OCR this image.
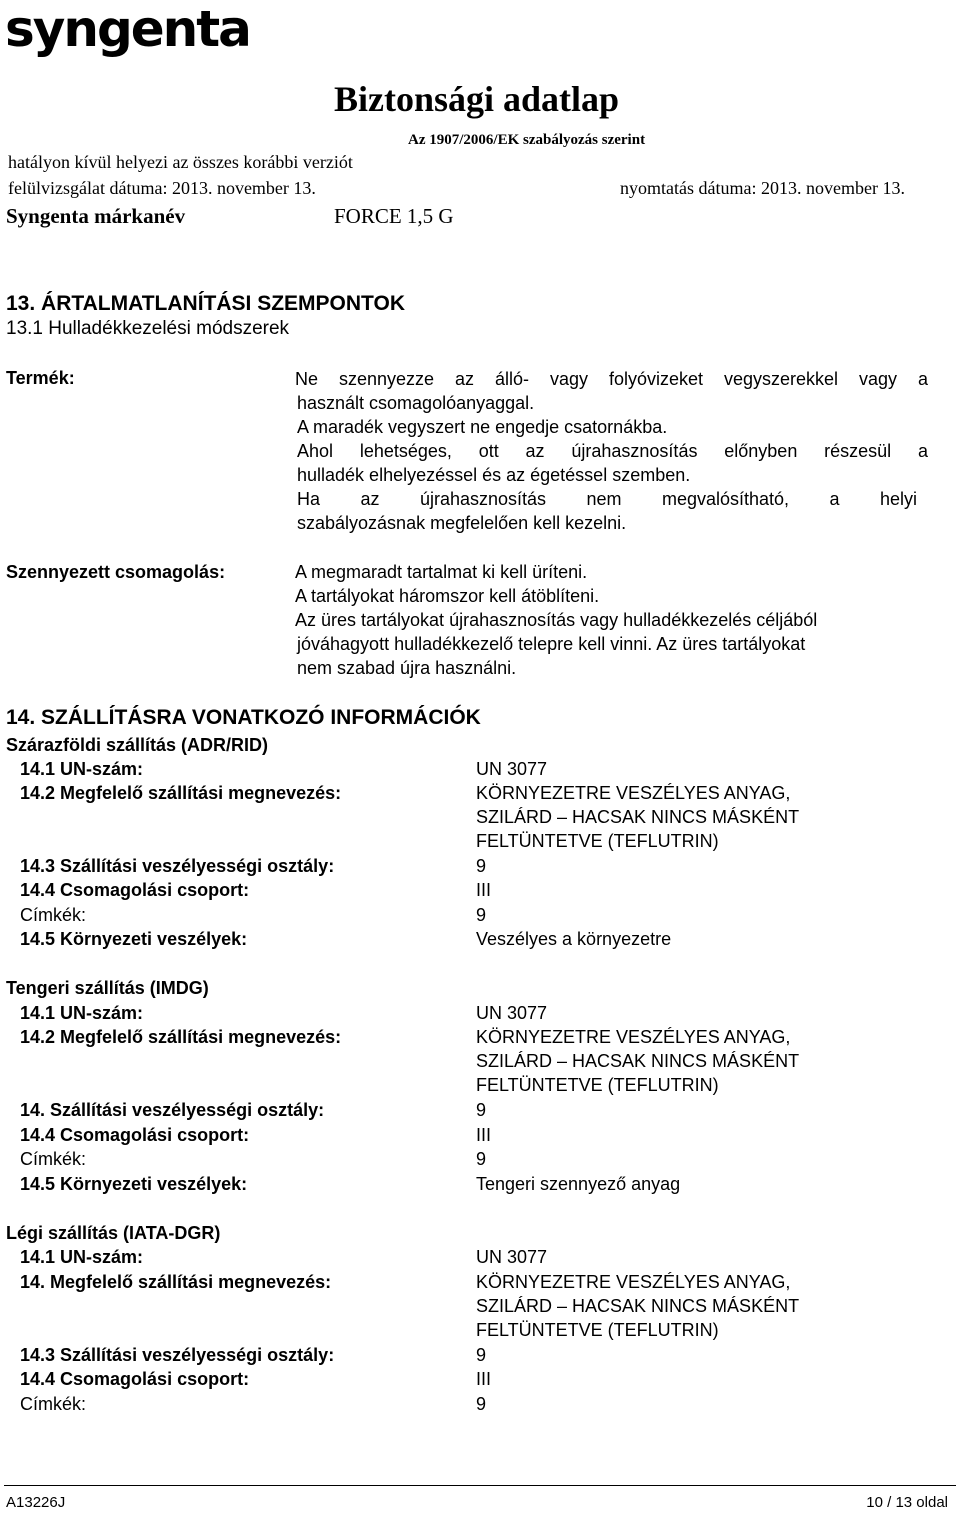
syngenta
Biztonsági adatlap
Az 1907/2006/EK szabályozás szerint
hatályon kívül helyezi az összes korábbi verziót
felülvizsgálat dátuma: 2013. november 13.	nyomtatás dátuma: 2013. november 13.
Syngenta márkanév	FORCE 1,5 G
13. ÁRTALMATLANÍTÁSI SZEMPONTOK
13.1 Hulladékkezelési módszerek
Termék:	Ne szennyezze az álló- vagy folyóvizeket vegyszerekkel vagy a
használt csomagolóanyaggal.
A maradék vegyszert ne engedje csatornákba.
Ahol lehetséges, ott az újrahasznosítás előnyben részesül a
hulladék elhelyezéssel és az égetéssel szemben.
Ha az újrahasznosítás nem megvalósítható, a helyi
szabályozásnak megfelelően kell kezelni.
Szennyezett csomagolás:	A megmaradt tartalmat ki kell üríteni.
A tartályokat háromszor kell átöblíteni.
Az üres tartályokat újrahasznosítás vagy hulladékkezelés céljából
jóváhagyott hulladékkezelő telepre kell vinni. Az üres tartályokat
nem szabad újra használni.
14. SZÁLLÍTÁSRA VONATKOZÓ INFORMÁCIÓK
Szárazföldi szállítás (ADR/RID)
14.1 UN-szám:	UN 3077
14.2 Megfelelő szállítási megnevezés:	KÖRNYEZETRE VESZÉLYES ANYAG,
SZILÁRD – HACSAK NINCS MÁSKÉNT
FELTÜNTETVE (TEFLUTRIN)
14.3 Szállítási veszélyességi osztály:	9
14.4 Csomagolási csoport:	III
Címkék:	9
14.5 Környezeti veszélyek:	Veszélyes a környezetre
Tengeri szállítás (IMDG)
14.1 UN-szám:	UN 3077
14.2 Megfelelő szállítási megnevezés:	KÖRNYEZETRE VESZÉLYES ANYAG,
SZILÁRD – HACSAK NINCS MÁSKÉNT
FELTÜNTETVE (TEFLUTRIN)
14. Szállítási veszélyességi osztály:	9
14.4 Csomagolási csoport:	III
Címkék:	9
14.5 Környezeti veszélyek:	Tengeri szennyező anyag
Légi szállítás (IATA-DGR)
14.1 UN-szám:	UN 3077
14. Megfelelő szállítási megnevezés:	KÖRNYEZETRE VESZÉLYES ANYAG,
SZILÁRD – HACSAK NINCS MÁSKÉNT
FELTÜNTETVE (TEFLUTRIN)
14.3 Szállítási veszélyességi osztály:	9
14.4 Csomagolási csoport:	III
Címkék:	9
A13226J	10 / 13 oldal
